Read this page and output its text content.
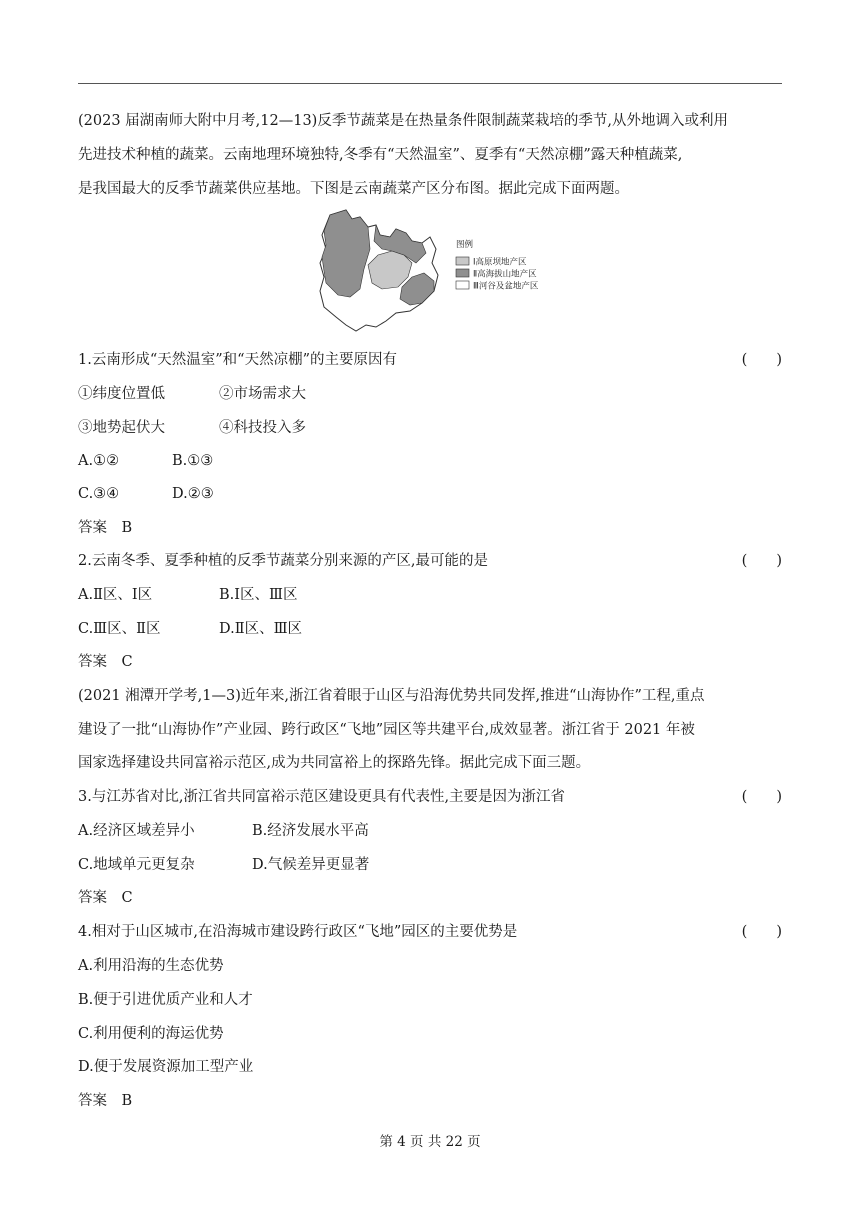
(2023 届湖南师大附中月考,12—13)反季节蔬菜是在热量条件限制蔬菜栽培的季节,从外地调入或利用
先进技术种植的蔬菜。云南地理环境独特,冬季有“天然温室”、夏季有“天然凉棚”露天种植蔬菜,
是我国最大的反季节蔬菜供应基地。下图是云南蔬菜产区分布图。据此完成下面两题。
图例
Ⅰ高原坝地产区
Ⅱ高海拔山地产区
Ⅲ河谷及盆地产区
1.云南形成“天然温室”和“天然凉棚”的主要原因有	(　　)
①纬度位置低	②市场需求大
③地势起伏大	④科技投入多
A.①②	B.①③
C.③④	D.②③
答案　B
2.云南冬季、夏季种植的反季节蔬菜分别来源的产区,最可能的是	(　　)
A.Ⅱ区、Ⅰ区	B.Ⅰ区、Ⅲ区
C.Ⅲ区、Ⅱ区	D.Ⅱ区、Ⅲ区
答案　C
(2021 湘潭开学考,1—3)近年来,浙江省着眼于山区与沿海优势共同发挥,推进“山海协作”工程,重点
建设了一批“山海协作”产业园、跨行政区“飞地”园区等共建平台,成效显著。浙江省于 2021 年被
国家选择建设共同富裕示范区,成为共同富裕上的探路先锋。据此完成下面三题。
3.与江苏省对比,浙江省共同富裕示范区建设更具有代表性,主要是因为浙江省	(　　)
A.经济区域差异小	B.经济发展水平高
C.地域单元更复杂	D.气候差异更显著
答案　C
4.相对于山区城市,在沿海城市建设跨行政区“飞地”园区的主要优势是	(　　)
A.利用沿海的生态优势
B.便于引进优质产业和人才
C.利用便利的海运优势
D.便于发展资源加工型产业
答案　B
第 4 页 共 22 页
